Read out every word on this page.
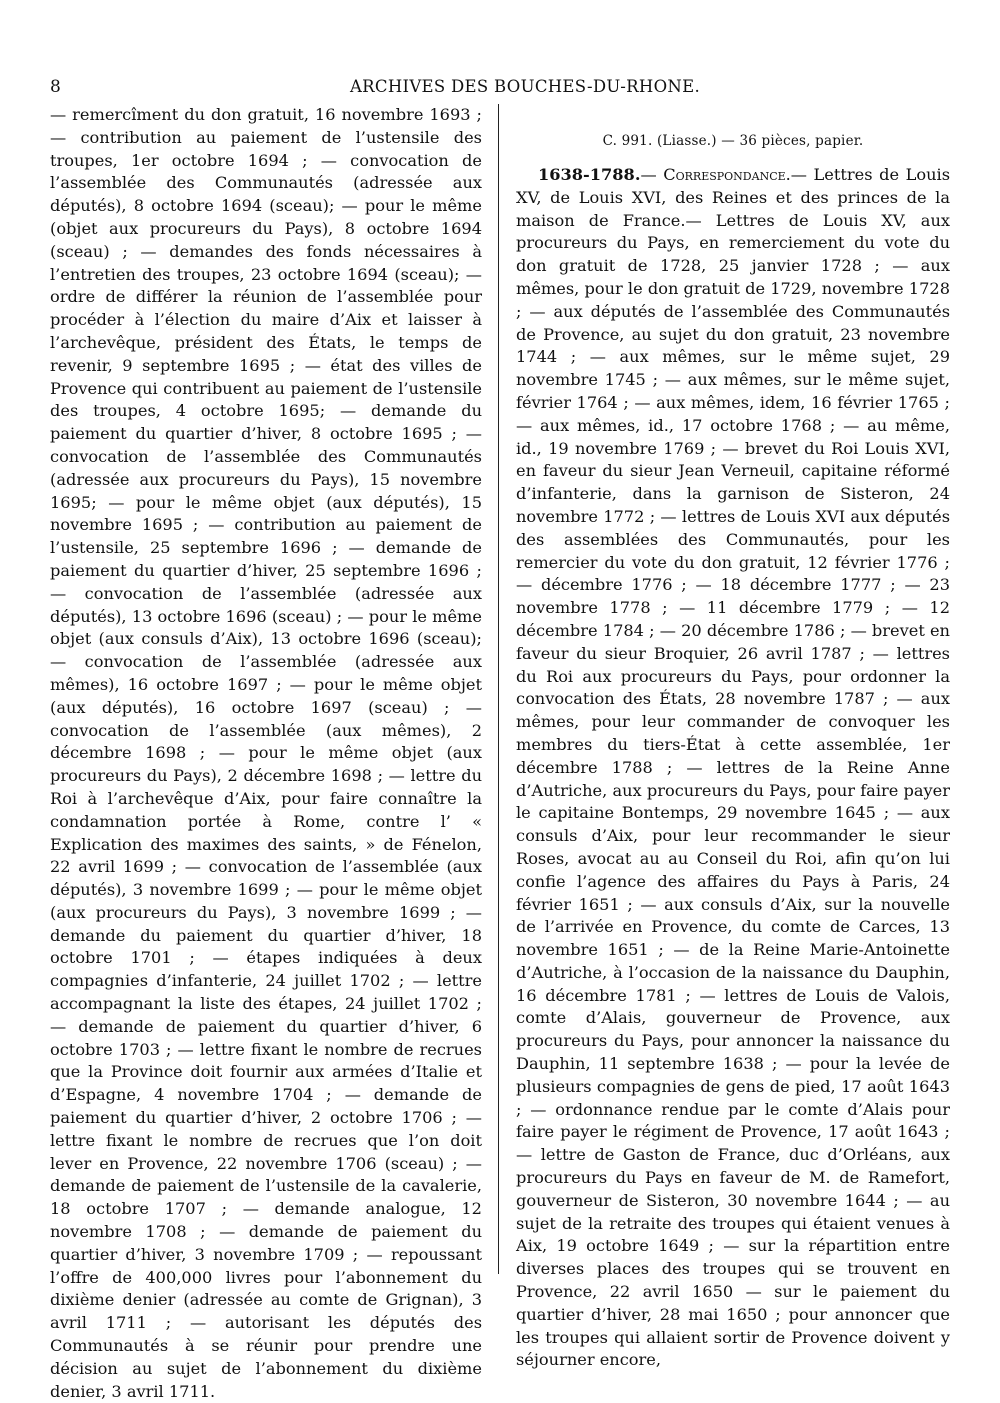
8	ARCHIVES DES BOUCHES-DU-RHONE.

— remercîment du don gratuit, 16 novembre 1693 ; — contribution au paiement de l’ustensile des troupes, 1er octobre 1694 ; — convocation de l’assemblée des Communautés (adressée aux députés), 8 octobre 1694 (sceau); — pour le même (objet aux procureurs du Pays), 8 octobre 1694 (sceau) ; — demandes des fonds nécessaires à l’entretien des troupes, 23 octobre 1694 (sceau); — ordre de différer la réunion de l’assemblée pour procéder à l’élection du maire d’Aix et laisser à l’archevêque, président des États, le temps de revenir, 9 septembre 1695 ; — état des villes de Provence qui contribuent au paiement de l’ustensile des troupes, 4 octobre 1695; — demande du paiement du quartier d’hiver, 8 octobre 1695 ; — convocation de l’assemblée des Communautés (adressée aux procureurs du Pays), 15 novembre 1695; — pour le même objet (aux députés), 15 novembre 1695 ; — contribution au paiement de l’ustensile, 25 septembre 1696 ; — demande de paiement du quartier d’hiver, 25 septembre 1696 ; — convocation de l’assemblée (adressée aux députés), 13 octobre 1696 (sceau) ; — pour le même objet (aux consuls d’Aix), 13 octobre 1696 (sceau); — convocation de l’assemblée (adressée aux mêmes), 16 octobre 1697 ; — pour le même objet (aux députés), 16 octobre 1697 (sceau) ; — convocation de l’assemblée (aux mêmes), 2 décembre 1698 ; — pour le même objet (aux procureurs du Pays), 2 décembre 1698 ; — lettre du Roi à l’archevêque d’Aix, pour faire connaître la condamnation portée à Rome, contre l’ « Explication des maximes des saints, » de Fénelon, 22 avril 1699 ; — convocation de l’assemblée (aux députés), 3 novembre 1699 ; — pour le même objet (aux procureurs du Pays), 3 novembre 1699 ; — demande du paiement du quartier d’hiver, 18 octobre 1701 ; — étapes indiquées à deux compagnies d’infanterie, 24 juillet 1702 ; — lettre accompagnant la liste des étapes, 24 juillet 1702 ; — demande de paiement du quartier d’hiver, 6 octobre 1703 ; — lettre fixant le nombre de recrues que la Province doit fournir aux armées d’Italie et d’Espagne, 4 novembre 1704 ; — demande de paiement du quartier d’hiver, 2 octobre 1706 ; — lettre fixant le nombre de recrues que l’on doit lever en Provence, 22 novembre 1706 (sceau) ; — demande de paiement de l’ustensile de la cavalerie, 18 octobre 1707 ; — demande analogue, 12 novembre 1708 ; — demande de paiement du quartier d’hiver, 3 novembre 1709 ; — repoussant l’offre de 400,000 livres pour l’abonnement du dixième denier (adressée au comte de Grignan), 3 avril 1711 ; — autorisant les députés des Communautés à se réunir pour prendre une décision au sujet de l’abonnement du dixième denier, 3 avril 1711.

C. 991. (Liasse.) — 36 pièces, papier.

1638-1788.— Correspondance.— Lettres de Louis XV, de Louis XVI, des Reines et des princes de la maison de France.— Lettres de Louis XV, aux procureurs du Pays, en remerciement du vote du don gratuit de 1728, 25 janvier 1728 ; — aux mêmes, pour le don gratuit de 1729, novembre 1728 ; — aux députés de l’assemblée des Communautés de Provence, au sujet du don gratuit, 23 novembre 1744 ; — aux mêmes, sur le même sujet, 29 novembre 1745 ; — aux mêmes, sur le même sujet, février 1764 ; — aux mêmes, idem, 16 février 1765 ; — aux mêmes, id., 17 octobre 1768 ; — au même, id., 19 novembre 1769 ; — brevet du Roi Louis XVI, en faveur du sieur Jean Verneuil, capitaine réformé d’infanterie, dans la garnison de Sisteron, 24 novembre 1772 ; — lettres de Louis XVI aux députés des assemblées des Communautés, pour les remercier du vote du don gratuit, 12 février 1776 ; — décembre 1776 ; — 18 décembre 1777 ; — 23 novembre 1778 ; — 11 décembre 1779 ; — 12 décembre 1784 ; — 20 décembre 1786 ; — brevet en faveur du sieur Broquier, 26 avril 1787 ; — lettres du Roi aux procureurs du Pays, pour ordonner la convocation des États, 28 novembre 1787 ; — aux mêmes, pour leur commander de convoquer les membres du tiers-État à cette assemblée, 1er décembre 1788 ; — lettres de la Reine Anne d’Autriche, aux procureurs du Pays, pour faire payer le capitaine Bontemps, 29 novembre 1645 ; — aux consuls d’Aix, pour leur recommander le sieur Roses, avocat au au Conseil du Roi, afin qu’on lui confie l’agence des affaires du Pays à Paris, 24 février 1651 ; — aux consuls d’Aix, sur la nouvelle de l’arrivée en Provence, du comte de Carces, 13 novembre 1651 ; — de la Reine Marie-Antoinette d’Autriche, à l’occasion de la naissance du Dauphin, 16 décembre 1781 ; — lettres de Louis de Valois, comte d’Alais, gouverneur de Provence, aux procureurs du Pays, pour annoncer la naissance du Dauphin, 11 septembre 1638 ; — pour la levée de plusieurs compagnies de gens de pied, 17 août 1643 ; — ordonnance rendue par le comte d’Alais pour faire payer le régiment de Provence, 17 août 1643 ; — lettre de Gaston de France, duc d’Orléans, aux procureurs du Pays en faveur de M. de Ramefort, gouverneur de Sisteron, 30 novembre 1644 ; — au sujet de la retraite des troupes qui étaient venues à Aix, 19 octobre 1649 ; — sur la répartition entre diverses places des troupes qui se trouvent en Provence, 22 avril 1650 — sur le paiement du quartier d’hiver, 28 mai 1650 ; pour annoncer que les troupes qui allaient sortir de Provence doivent y séjourner encore,
